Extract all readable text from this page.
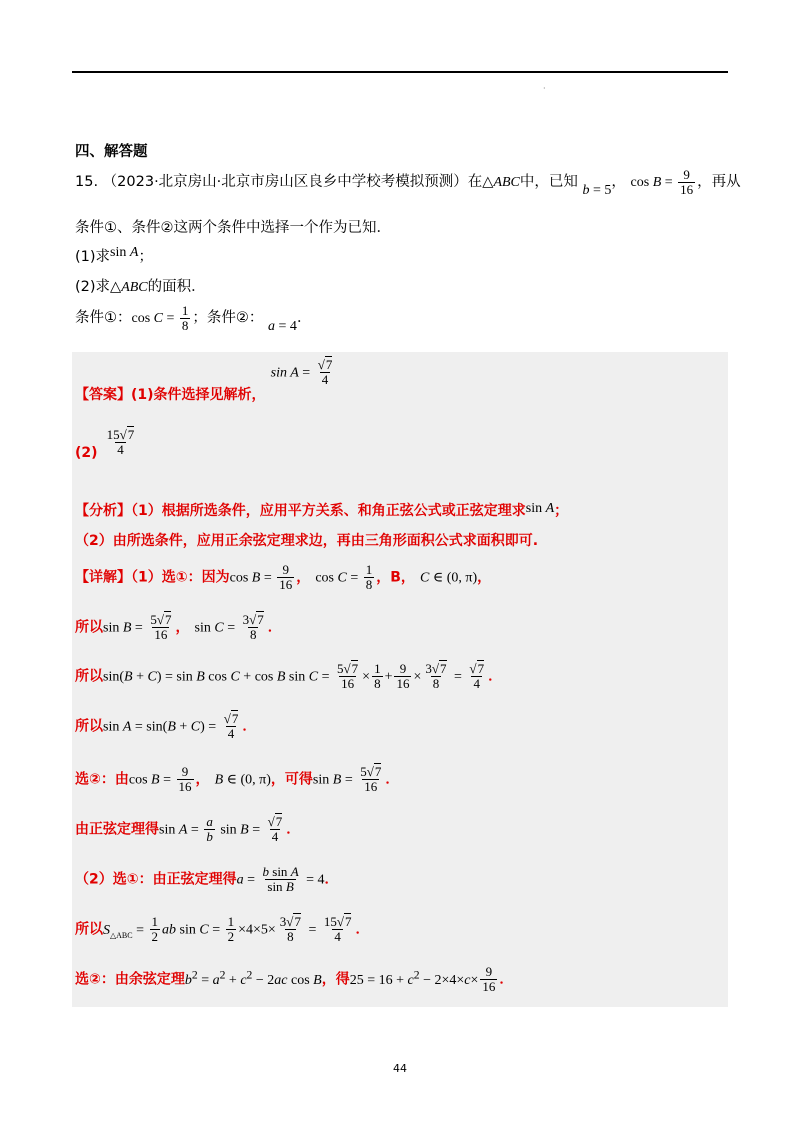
·
四、解答题
15. （2023·北京房山·北京市房山区良乡中学校考模拟预测）在△ABC中，已知 b = 5， $\cos B = \frac{9}{16}$ ，再从
条件①、条件②这两个条件中选择一个作为已知．
(1)求sin A；
(2)求△ABC的面积．
条件①：$\cos C = \frac{1}{8}$ ；条件②： a = 4．
【答案】(1)条件选择见解析， $\sin A = \frac{√7}{4}$
$(2) \frac{15√7}{4}$
【分析】（1）根据所选条件，应用平方关系、和角正弦公式或正弦定理求sin A；
（2）由所选条件，应用正余弦定理求边，再由三角形面积公式求面积即可.
【详解】（1）选①：因为$\cos B = \frac{9}{16}$ ， $\cos C = \frac{1}{8}$ ，B， C ∈ (0, π)，
所以$\sin B = \frac{5√7}{16}$ ， $\sin C = \frac{3√7}{8}$ ．
所以sin(B + C) = sin B cos C + cos B $\sin C = \frac{5√7}{16} \times \frac{1}{8} + \frac{9}{16} \times \frac{3√7}{8} = \frac{√7}{4}$ ．
所以$\sin A = \sin(B + C) = \frac{√7}{4}$ ．
选②：由$\cos B = \frac{9}{16}$ ， B ∈ (0, π)，可得$\sin B = \frac{5√7}{16}$ ．
由正弦定理得$\sin A = \frac{a}{b}$ $\sin B = \frac{√7}{4}$ ．
（2）选①：由正弦定理得$a = \frac{\text{b sin A}}{\text{sin B}} = 4$．
所以$S_{\triangle ABC} = \frac{1}{2}$ ab $\sin C = \frac{1}{2} \times 4\times 5\times \frac{3√7}{8} = \frac{15√7}{4}$ ．
选②：由余弦定理$b^2 = a^2 + c^2 - 2ac$ cos B，得$25 = 16 + c^2 - 2\times 4\times c\times \frac{9}{16}$ ．
44
